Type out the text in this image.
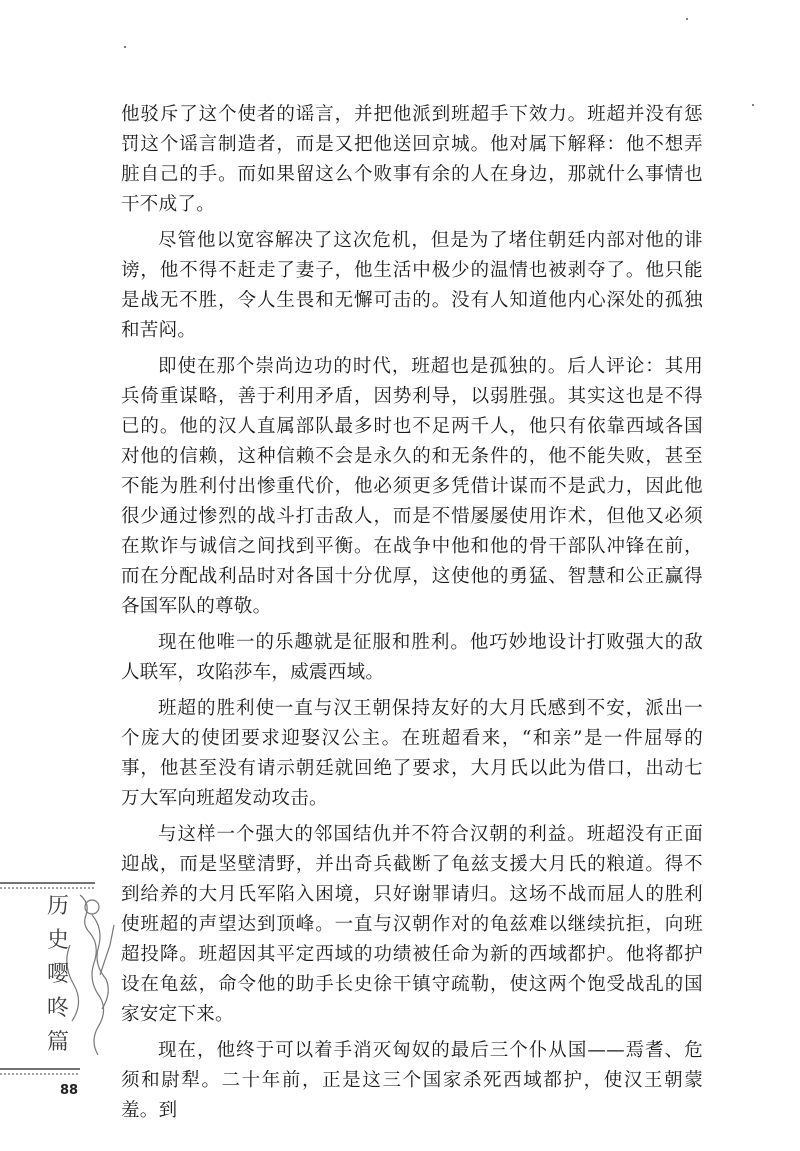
他驳斥了这个使者的谣言，并把他派到班超手下效力。班超并没有惩罚这个谣言制造者，而是又把他送回京城。他对属下解释：他不想弄脏自己的手。而如果留这么个败事有余的人在身边，那就什么事情也干不成了。

尽管他以宽容解决了这次危机，但是为了堵住朝廷内部对他的诽谤，他不得不赶走了妻子，他生活中极少的温情也被剥夺了。他只能是战无不胜，令人生畏和无懈可击的。没有人知道他内心深处的孤独和苦闷。

即使在那个崇尚边功的时代，班超也是孤独的。后人评论：其用兵倚重谋略，善于利用矛盾，因势利导，以弱胜强。其实这也是不得已的。他的汉人直属部队最多时也不足两千人，他只有依靠西域各国对他的信赖，这种信赖不会是永久的和无条件的，他不能失败，甚至不能为胜利付出惨重代价，他必须更多凭借计谋而不是武力，因此他很少通过惨烈的战斗打击敌人，而是不惜屡屡使用诈术，但他又必须在欺诈与诚信之间找到平衡。在战争中他和他的骨干部队冲锋在前，而在分配战利品时对各国十分优厚，这使他的勇猛、智慧和公正赢得各国军队的尊敬。

现在他唯一的乐趣就是征服和胜利。他巧妙地设计打败强大的敌人联军，攻陷莎车，威震西域。

班超的胜利使一直与汉王朝保持友好的大月氏感到不安，派出一个庞大的使团要求迎娶汉公主。在班超看来，“和亲”是一件屈辱的事，他甚至没有请示朝廷就回绝了要求，大月氏以此为借口，出动七万大军向班超发动攻击。

与这样一个强大的邻国结仇并不符合汉朝的利益。班超没有正面迎战，而是坚壁清野，并出奇兵截断了龟兹支援大月氏的粮道。得不到给养的大月氏军陷入困境，只好谢罪请归。这场不战而屈人的胜利使班超的声望达到顶峰。一直与汉朝作对的龟兹难以继续抗拒，向班超投降。班超因其平定西域的功绩被任命为新的西域都护。他将都护设在龟兹，命令他的助手长史徐干镇守疏勒，使这两个饱受战乱的国家安定下来。

现在，他终于可以着手消灭匈奴的最后三个仆从国——焉耆、危须和尉犁。二十年前，正是这三个国家杀死西域都护，使汉王朝蒙羞。到

历
史
嘤
咚
篇
88
